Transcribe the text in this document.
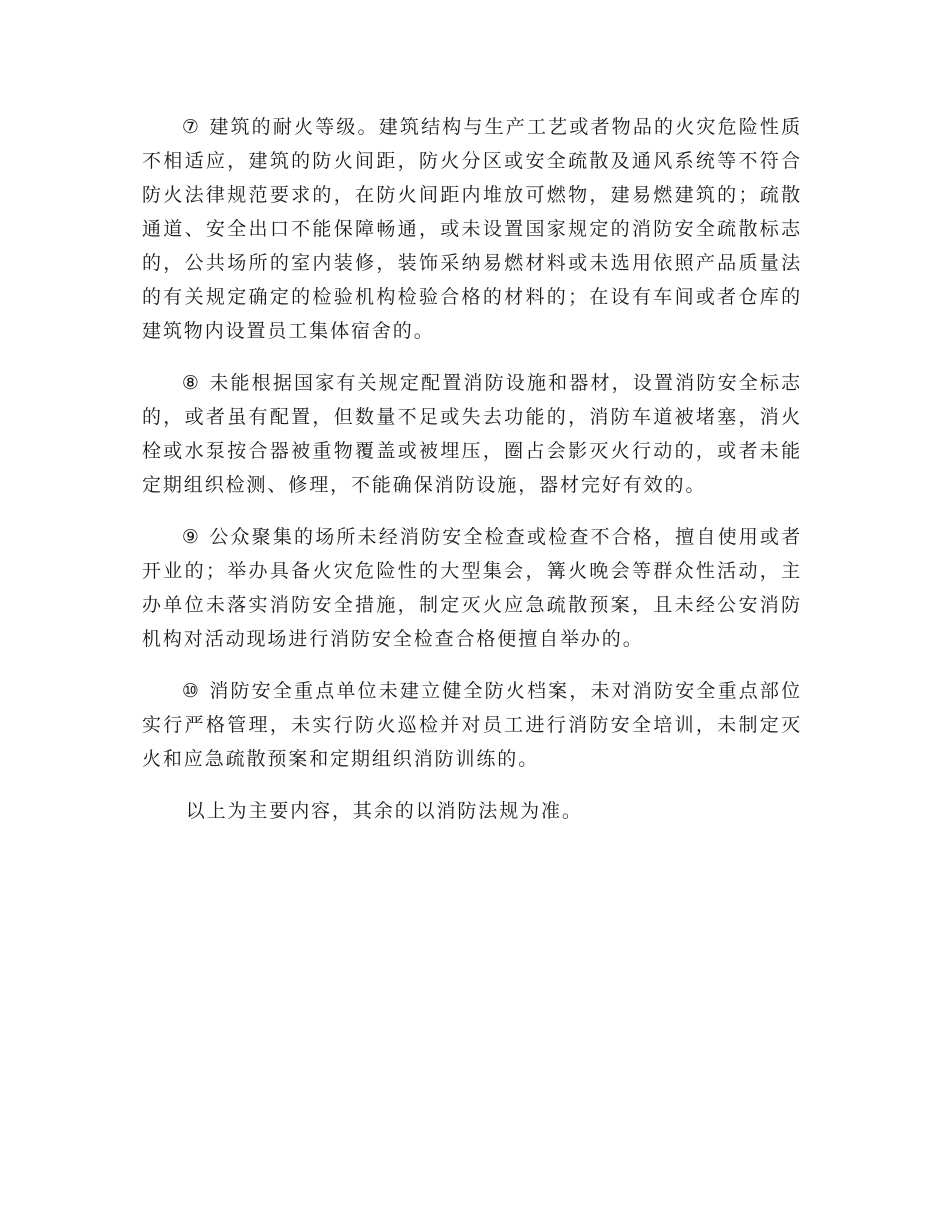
⑦ 建筑的耐火等级。建筑结构与生产工艺或者物品的火灾危险性质不相适应，建筑的防火间距，防火分区或安全疏散及通风系统等不符合防火法律规范要求的，在防火间距内堆放可燃物，建易燃建筑的；疏散通道、安全出口不能保障畅通，或未设置国家规定的消防安全疏散标志的，公共场所的室内装修，装饰采纳易燃材料或未选用依照产品质量法的有关规定确定的检验机构检验合格的材料的；在设有车间或者仓库的建筑物内设置员工集体宿舍的。

⑧ 未能根据国家有关规定配置消防设施和器材，设置消防安全标志的，或者虽有配置，但数量不足或失去功能的，消防车道被堵塞，消火栓或水泵按合器被重物覆盖或被埋压，圈占会影灭火行动的，或者未能定期组织检测、修理，不能确保消防设施，器材完好有效的。

⑨ 公众聚集的场所未经消防安全检查或检查不合格，擅自使用或者开业的；举办具备火灾危险性的大型集会，篝火晚会等群众性活动，主办单位未落实消防安全措施，制定灭火应急疏散预案，且未经公安消防机构对活动现场进行消防安全检查合格便擅自举办的。

⑩ 消防安全重点单位未建立健全防火档案，未对消防安全重点部位实行严格管理，未实行防火巡检并对员工进行消防安全培训，未制定灭火和应急疏散预案和定期组织消防训练的。

以上为主要内容，其余的以消防法规为准。
